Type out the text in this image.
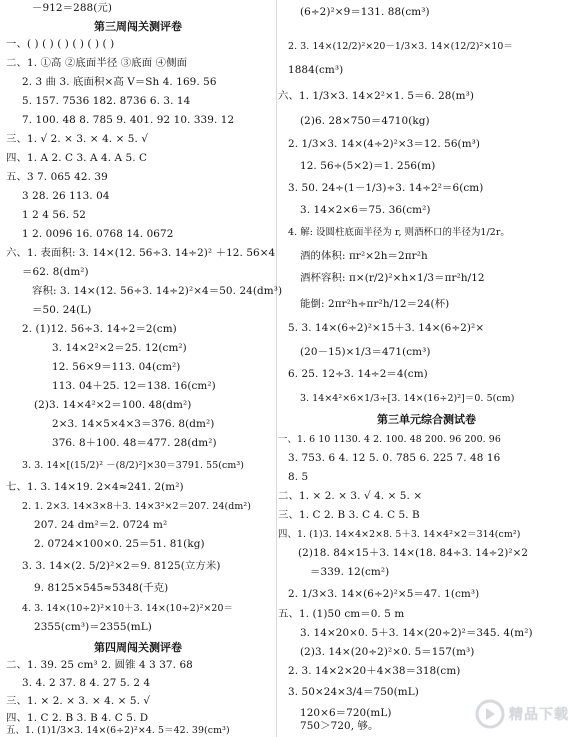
－912＝288(元)
第三周闯关测评卷
一、( ) ( ) ( ) ( ) ( ) ( )
二、1. ①高 ②底面半径 ③底面 ④侧面
2. 3 曲 3. 底面积×高 V＝Sh 4. 169. 56
5. 157. 7536 182. 8736 6. 3. 14
7. 100. 48 8. 785 9. 401. 92 10. 339. 12
三、1. √ 2. × 3. × 4. × 5. √
四、1. A 2. C 3. A 4. A 5. C
五、3 7. 065 42. 39
3 28. 26 113. 04
1 2 4 56. 52
1 2. 0096 16. 0768 14. 0672
六、1. 表面积: 3. 14×(12. 56÷3. 14÷2)² ＋12. 56×4
＝62. 8(dm²)
容积: 3. 14×(12. 56÷3. 14÷2)²×4＝50. 24(dm³)
＝50. 24(L)
2. (1)12. 56÷3. 14÷2＝2(cm)
3. 14×2²×2＝25. 12(cm²)
12. 56×9＝113. 04(cm²)
113. 04＋25. 12＝138. 16(cm²)
(2)3. 14×4²×2＝100. 48(dm²)
2×3. 14×5×4×3＝376. 8(dm²)
376. 8＋100. 48＝477. 28(dm²)
3. 3. 14×[(15/2)² －(8/2)²]×30＝3791. 55(cm³)
七、1. 3. 14×19. 2×4≈241. 2(m²)
2. 1. 2×3. 14×3×8＋3. 14×3²×2＝207. 24(dm²)
207. 24 dm²＝2. 0724 m²
2. 0724×100×0. 25＝51. 81(kg)
3. 3. 14×(2. 5/2)²×2＝9. 8125(立方米)
9. 8125×545≈5348(千克)
4. 3. 14×(10÷2)²×10＋3. 14×(10÷2)²×20＝
2355(cm³)＝2355(mL)
第四周闯关测评卷
二、1. 39. 25 cm³ 2. 圆锥 4 3 37. 68
3. 4. 2 37. 8 4. 27 5. 2 4
三、1. × 2. × 3. × 4. × 5. √
四、1. C 2. B 3. B 4. C 5. D
五、1. (1)1/3×3. 14×(6÷2)²×4. 5＝42. 39(cm³)
(6÷2)²×9＝131. 88(cm³)
2. 3. 14×(12/2)²×20－1/3×3. 14×(12/2)²×10＝
1884(cm³)
六、1. 1/3×3. 14×2²×1. 5＝6. 28(m³)
(2)6. 28×750＝4710(kg)
2. 1/3×3. 14×(4÷2)²×3＝12. 56(m³)
12. 56÷(5×2)＝1. 256(m)
3. 50. 24÷(1－1/3)÷3. 14÷2²＝6(cm)
3. 14×2×6＝75. 36(cm²)
4. 解: 设圆柱底面半径为 r, 则酒杯口的半径为1/2r。
酒的体积: πr²×2h＝2πr²h
酒杯容积: π×(r/2)²×h×1/3＝πr²h/12
能倒: 2πr²h÷πr²h/12＝24(杯)
5. 3. 14×(6÷2)²×15＋3. 14×(6÷2)²×
(20－15)×1/3＝471(cm³)
6. 25. 12÷3. 14÷2＝4(cm)
3. 14×4²×6×1/3÷[3. 14×(16÷2)²]＝0. 5(cm)
第三单元综合测试卷
一、1. 6 10 1130. 4 2. 100. 48 200. 96 200. 96
3. 753. 6 4. 12 5. 0. 785 6. 225 7. 48 16
8. 5
二、1. × 2. × 3. √ 4. × 5. ×
三、1. C 2. B 3. C 4. C 5. B
四、1. (1)3. 14×4×2×8. 5＋3. 14×4²×2＝314(cm²)
(2)18. 84×15＋3. 14×(18. 84÷3. 14÷2)²×2
＝339. 12(cm²)
2. 1/3×3. 14×(6÷2)²×5＝47. 1(cm³)
五、1. (1)50 cm＝0. 5 m
3. 14×20×0. 5＋3. 14×(20÷2)²＝345. 4(m²)
(2)3. 14×(20÷2)²×0. 5＝157(m³)
2. 3. 14×2×20＋4×38＝318(cm)
3. 50×24×3/4＝750(mL)
120×6＝720(mL)
750＞720, 够。
精品下载
